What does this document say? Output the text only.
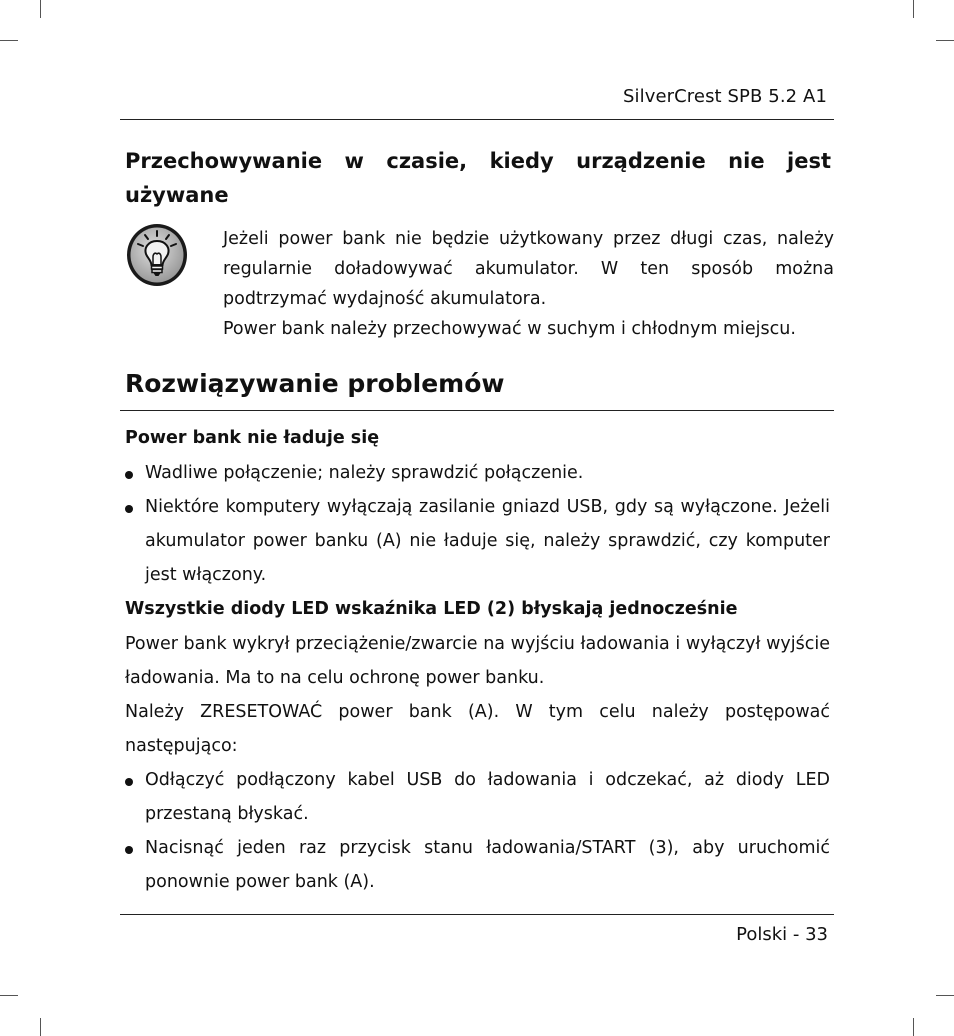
SilverCrest SPB 5.2 A1
Przechowywanie w czasie, kiedy urządzenie nie jest używane

Jeżeli power bank nie będzie użytkowany przez długi czas, należy regularnie doładowywać akumulator. W ten sposób można podtrzymać wydajność akumulatora.

Power bank należy przechowywać w suchym i chłodnym miejscu.

Rozwiązywanie problemów
Power bank nie ładuje się
Wadliwe połączenie; należy sprawdzić połączenie.
Niektóre komputery wyłączają zasilanie gniazd USB, gdy są wyłączone. Jeżeli akumulator power banku (A) nie ładuje się, należy sprawdzić, czy komputer jest włączony.
Wszystkie diody LED wskaźnika LED (2) błyskają jednocześnie
Power bank wykrył przeciążenie/zwarcie na wyjściu ładowania i wyłączył wyjście ładowania. Ma to na celu ochronę power banku.
Należy ZRESETOWAĆ power bank (A). W tym celu należy postępować następująco:
Odłączyć podłączony kabel USB do ładowania i odczekać, aż diody LED przestaną błyskać.
Nacisnąć jeden raz przycisk stanu ładowania/START (3), aby uruchomić ponownie power bank (A).
Polski - 33
